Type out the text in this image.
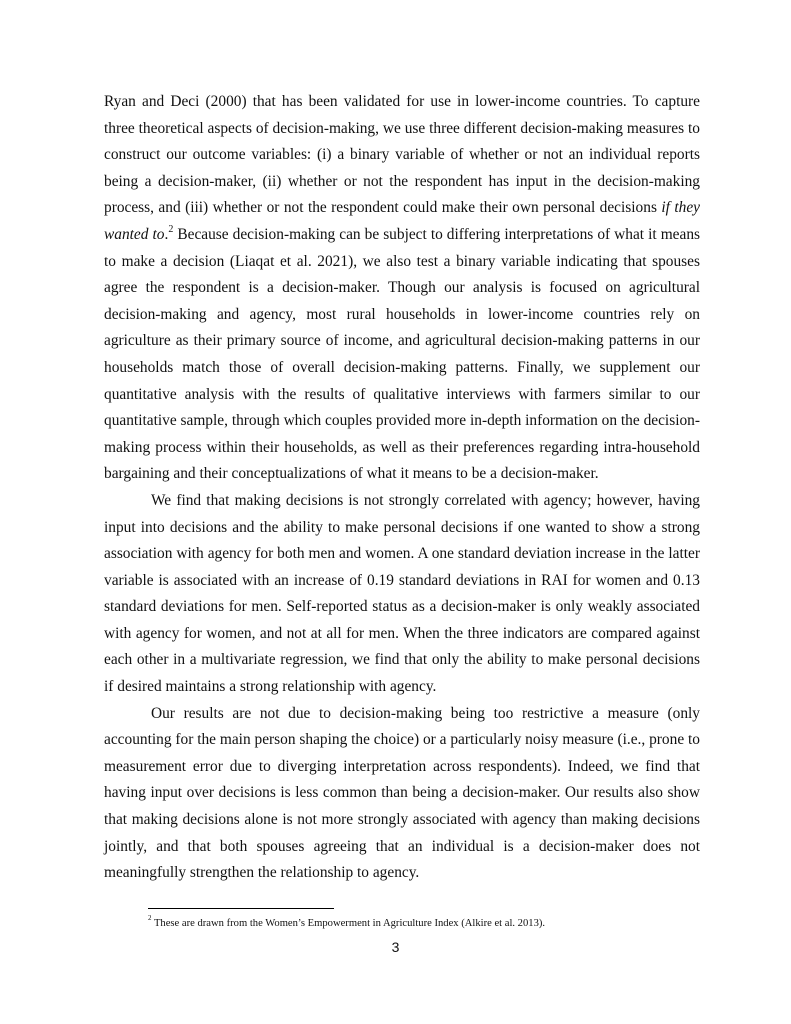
Ryan and Deci (2000) that has been validated for use in lower-income countries. To capture three theoretical aspects of decision-making, we use three different decision-making measures to construct our outcome variables: (i) a binary variable of whether or not an individual reports being a decision-maker, (ii) whether or not the respondent has input in the decision-making process, and (iii) whether or not the respondent could make their own personal decisions if they wanted to.$^2$ Because decision-making can be subject to differing interpretations of what it means to make a decision (Liaqat et al. 2021), we also test a binary variable indicating that spouses agree the respondent is a decision-maker. Though our analysis is focused on agricultural decision-making and agency, most rural households in lower-income countries rely on agriculture as their primary source of income, and agricultural decision-making patterns in our households match those of overall decision-making patterns. Finally, we supplement our quantitative analysis with the results of qualitative interviews with farmers similar to our quantitative sample, through which couples provided more in-depth information on the decision-making process within their households, as well as their preferences regarding intra-household bargaining and their conceptualizations of what it means to be a decision-maker.

We find that making decisions is not strongly correlated with agency; however, having input into decisions and the ability to make personal decisions if one wanted to show a strong association with agency for both men and women. A one standard deviation increase in the latter variable is associated with an increase of 0.19 standard deviations in RAI for women and 0.13 standard deviations for men. Self-reported status as a decision-maker is only weakly associated with agency for women, and not at all for men. When the three indicators are compared against each other in a multivariate regression, we find that only the ability to make personal decisions if desired maintains a strong relationship with agency.

Our results are not due to decision-making being too restrictive a measure (only accounting for the main person shaping the choice) or a particularly noisy measure (i.e., prone to measurement error due to diverging interpretation across respondents). Indeed, we find that having input over decisions is less common than being a decision-maker. Our results also show that making decisions alone is not more strongly associated with agency than making decisions jointly, and that both spouses agreeing that an individual is a decision-maker does not meaningfully strengthen the relationship to agency.

$^2$ These are drawn from the Women’s Empowerment in Agriculture Index (Alkire et al. 2013).
3
